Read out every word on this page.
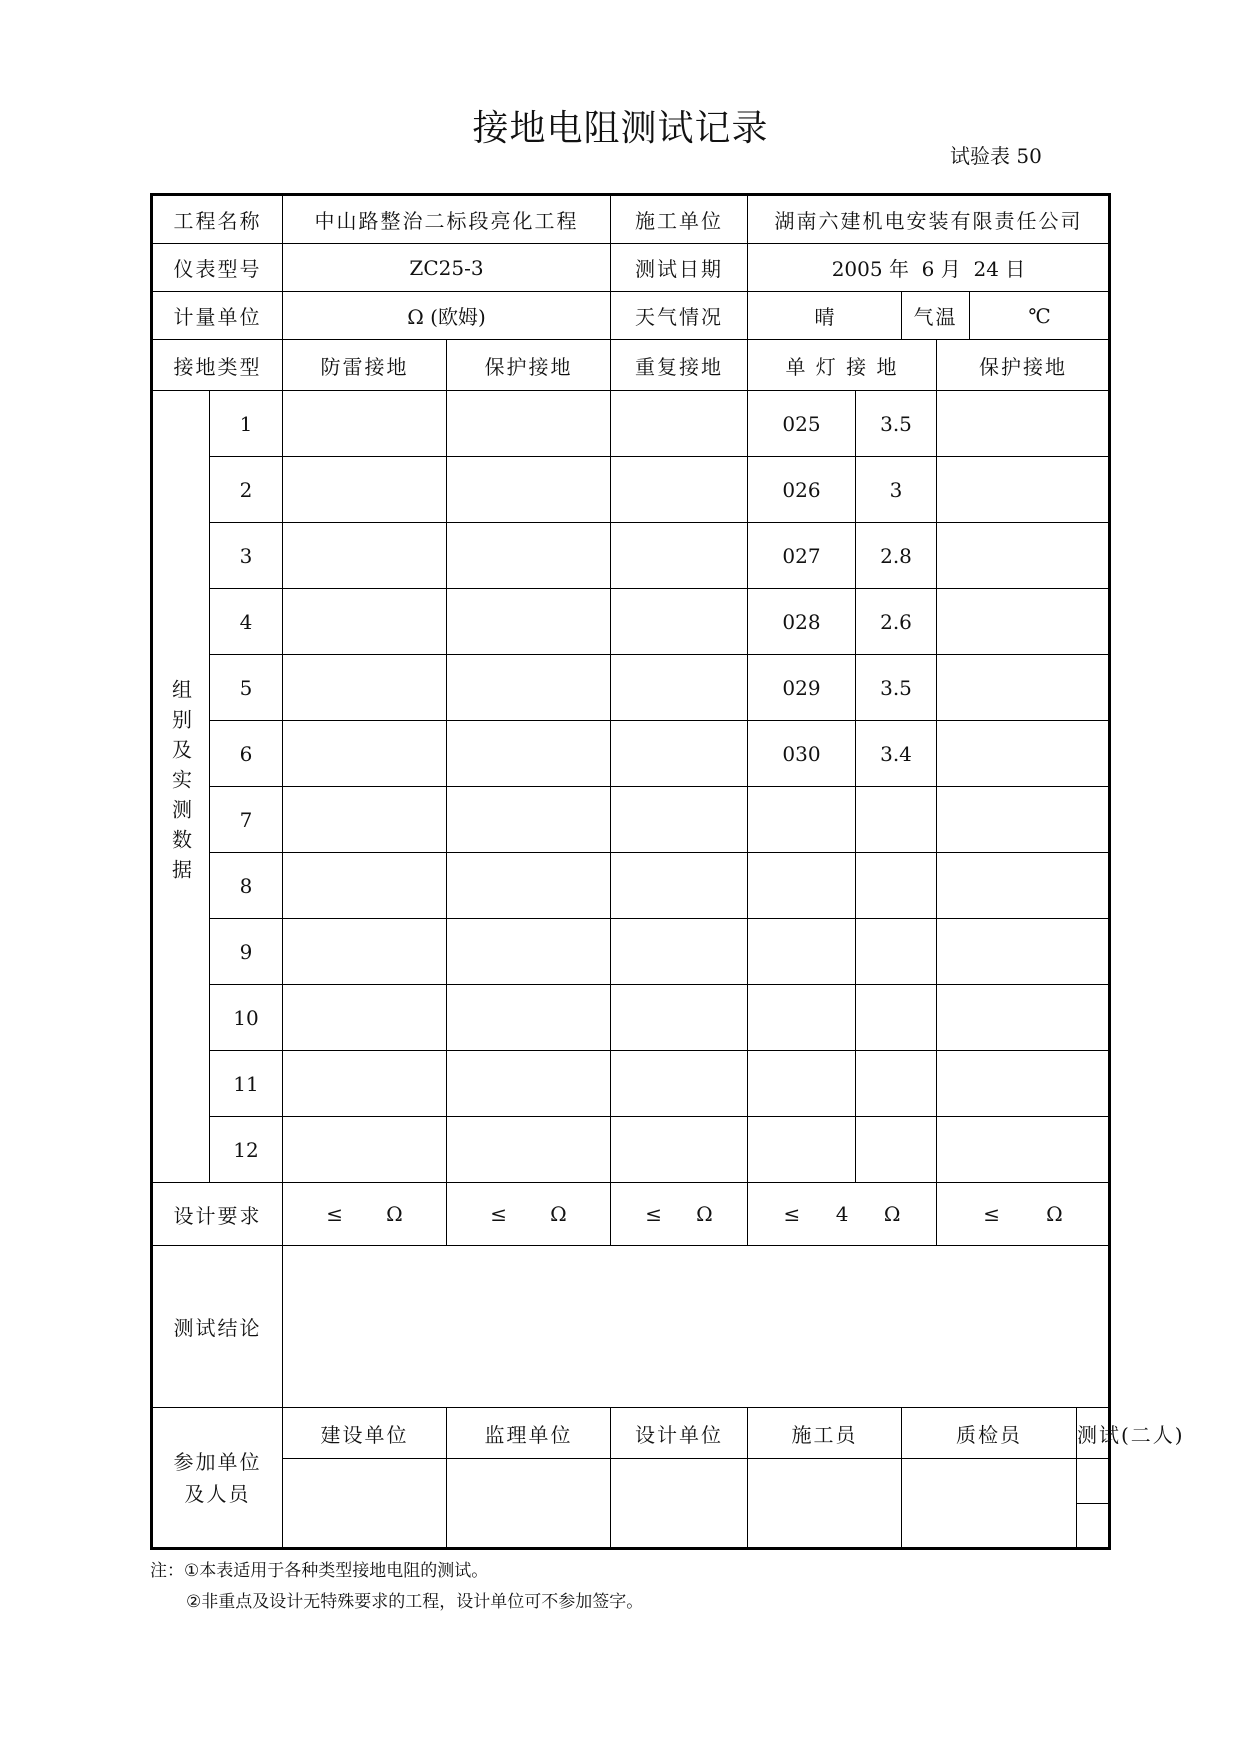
接地电阻测试记录
试验表 50
工程名称		中山路整治二标段亮化工程		施工单位	湖南六建机电安装有限责任公司					
仪表型号		ZC25-3		测试日期	2005 年  6 月  24 日					
计量单位		Ω (欧姆)		天气情况	晴		气温		℃	
接地类型		防雷接地	保护接地	重复接地	单 灯 接 地			保护接地		
组别及实测数据	1				025	3.5				
	2				026	3				
	3				027	2.8				
	4				028	2.6				
	5				029	3.5				
	6				030	3.4				
	7									
	8									
	9									
	10									
	11									
	12									
设计要求		≤ Ω	≤ Ω	≤ Ω	≤ 4 Ω			≤ Ω		

测试结论										

参加单位
及人员		建设单位	监理单位	设计单位	施工员		质检员			测试(二人)

注：①本表适用于各种类型接地电阻的测试。
②非重点及设计无特殊要求的工程，设计单位可不参加签字。
